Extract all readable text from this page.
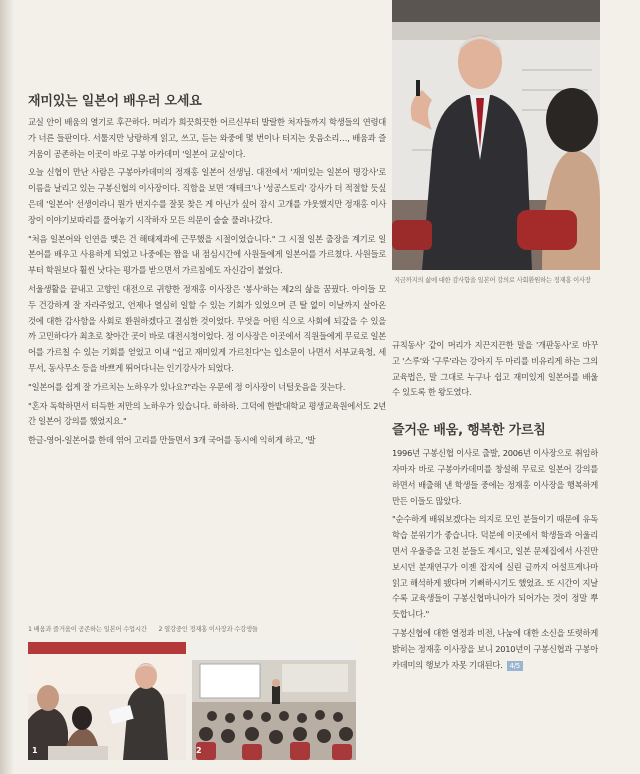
지금까지의 삶에 대한 감사함을 일본어 강의로 사회환원하는 정재홍 이사장
재미있는 일본어 배우러 오세요

교실 안이 배움의 열기로 후끈하다. 머리가 희끗희끗한 어르신부터 발랄한 처자들까지 학생들의 연령대가 너른 들판이다. 서툴지만 낭랑하게 읽고, 쓰고, 듣는 와중에 몇 번이나 터지는 웃음소리…, 배움과 즐거움이 공존하는 이곳이 바로 구봉 아카데미 '일본어 교실'이다.

오늘 신협이 만난 사람은 구봉아카데미의 정재홍 일본어 선생님. 대전에서 '재미있는 일본어 명강사'로 이름을 날리고 있는 구봉신협의 이사장이다. 직함을 보면 '재테크'나 '성공스토리' 강사가 더 적절할 듯싶은데 '일본어' 선생이라니 뭔가 번지수를 잘못 찾은 게 아닌가 싶어 잠시 고개를 갸웃했지만 정재홍 이사장이 이야기보따리를 풀어놓기 시작하자 모든 의문이 술술 풀려나갔다.

"처음 일본어와 인연을 맺은 건 해태제과에 근무했을 시절이었습니다." 그 시절 일본 출장을 계기로 일본어를 배우고 사용하게 되었고 나중에는 짬을 내 점심시간에 사원들에게 일본어를 가르쳤다. 사원들로부터 학원보다 훨씬 낫다는 평가를 받으면서 가르침에도 자신감이 붙었다.

서울생활을 끝내고 고향인 대전으로 귀향한 정재홍 이사장은 '봉사'하는 제2의 삶을 꿈꿨다. 아이들 모두 건강하게 잘 자라주었고, 언제나 열심히 일할 수 있는 기회가 있었으며 큰 탈 없이 이날까지 살아온 것에 대한 감사함을 사회로 환원하겠다고 결심한 것이었다. 무엇을 어떤 식으로 사회에 되갚을 수 있을까 고민하다가 최초로 찾아간 곳이 바로 대전시청이었다. 정 이사장은 이곳에서 직원들에게 무료로 일본어를 가르칠 수 있는 기회를 얻었고 이내 "쉽고 재미있게 가르친다"는 입소문이 나면서 서부교육청, 세무서, 동사무소 등을 바쁘게 뛰어다니는 인기강사가 되었다.

"일본어를 쉽게 잘 가르치는 노하우가 있나요?"라는 우문에 정 이사장이 너털웃음을 짓는다.

"혼자 독학하면서 터득한 저만의 노하우가 있습니다. 하하하. 그덕에 한밭대학교 평생교육원에서도 2년간 일본어 강의를 했었지요."

한글-영어-일본어를 한데 엮어 고리를 만들면서 3개 국어를 동시에 익히게 하고, '발

규칙동사' 같이 머리가 지끈지끈한 말을 '개판동사'로 바꾸고 '스루'와 '구루'라는 강아지 두 마리를 비유리게 하는 그의 교육법은, 말 그대로 누구나 쉽고 재미있게 일본어를 배울 수 있도록 한 왕도였다.

즐거운 배움, 행복한 가르침

1996년 구봉신협 이사로 출발, 2006년 이사장으로 취임하자마자 바로 구봉아카데미를 창설해 무료로 일본어 강의를 하면서 배출해 낸 학생들 중에는 정재홍 이사장을 행복하게 만든 이들도 많았다.

"순수하게 배워보겠다는 의지로 모인 분들이기 때문에 유독 학습 분위기가 좋습니다. 덕분에 이곳에서 학생들과 어울리면서 우울증을 고친 분들도 계시고, 일본 문제집에서 사진만 보시던 분재연구가 이젠 잡지에 실린 글까지 어설프게나마 읽고 해석하게 됐다며 기뻐하시기도 했었죠. 또 시간이 지날수록 교육생들이 구봉신협마니아가 되어가는 것이 정말 뿌듯합니다."

구봉신협에 대한 열정과 비전, 나눔에 대한 소신을 또렷하게 밝히는 정재홍 이사장을 보니 2010년이 구봉신협과 구봉아카데미의 행보가 자못 기대된다. 4/5

1 배움과 즐거움이 공존하는 일본어 수업시간 2 열강중인 정재홍 이사장과 수강생들
1	2
